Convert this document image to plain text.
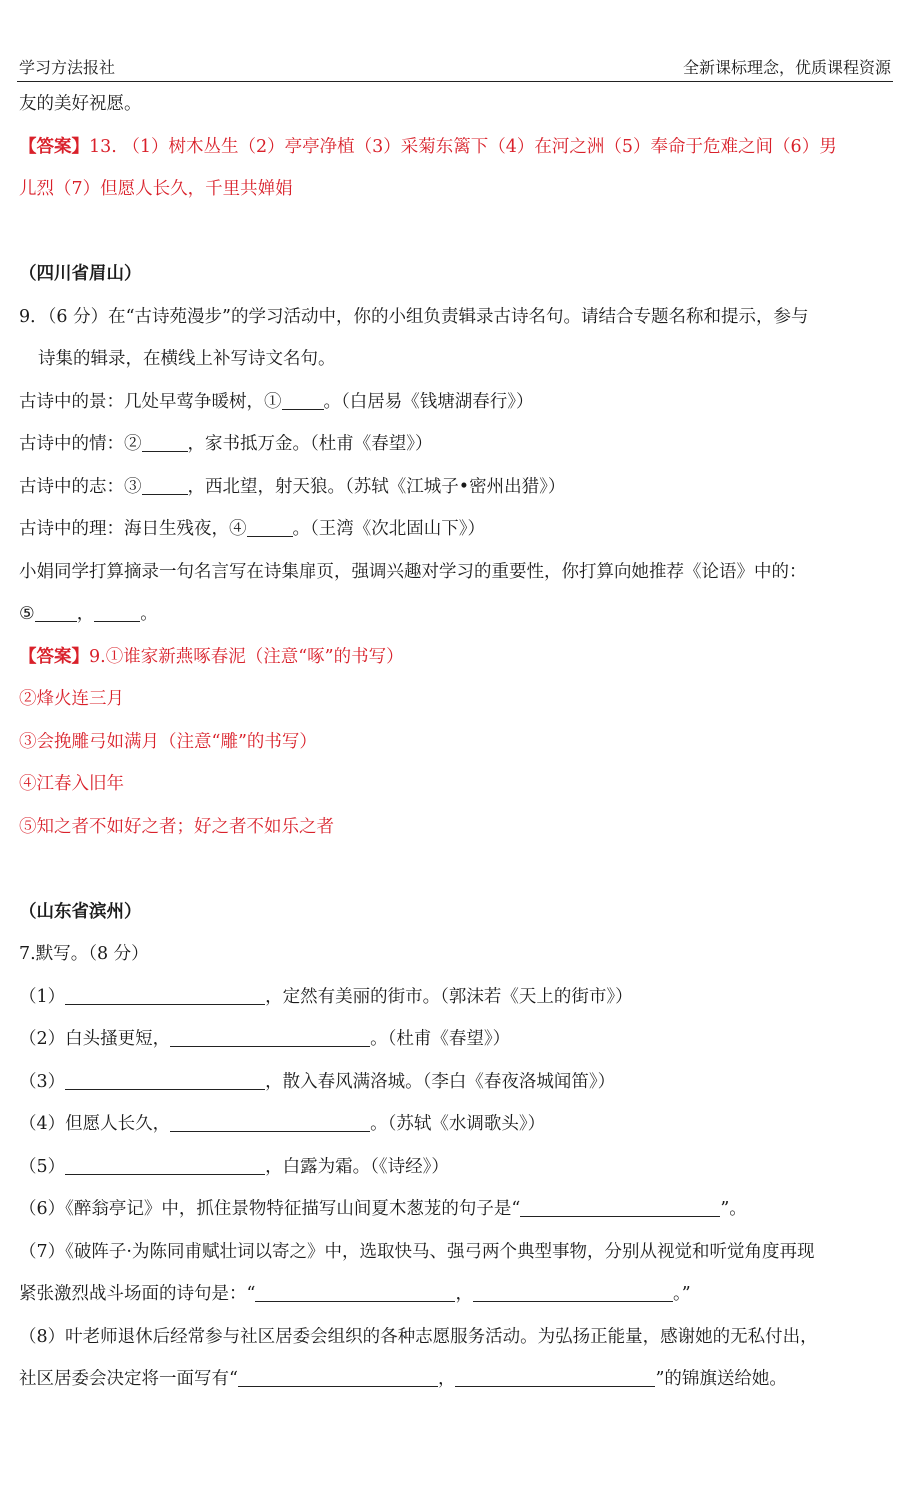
学习方法报社	全新课标理念，优质课程资源
友的美好祝愿。
【答案】13. （1）树木丛生（2）亭亭净植（3）采菊东篱下（4）在河之洲（5）奉命于危难之间（6）男
儿烈（7）但愿人长久，千里共婵娟
（四川省眉山）
9．（6 分）在“古诗苑漫步”的学习活动中，你的小组负责辑录古诗名句。请结合专题名称和提示，参与
诗集的辑录，在横线上补写诗文名句。
古诗中的景：几处早莺争暖树，① 。（白居易《钱塘湖春行》）
古诗中的情：②	，家书抵万金。（杜甫《春望》）
古诗中的志：③	，西北望，射天狼。（苏轼《江城子•密州出猎》）
古诗中的理：海日生残夜，④	。（王湾《次北固山下》）
小娟同学打算摘录一句名言写在诗集扉页，强调兴趣对学习的重要性，你打算向她推荐《论语》中的：
⑤ ，	。
【答案】9.①谁家新燕啄春泥（注意“啄”的书写）
②烽火连三月
③会挽雕弓如满月（注意“雕”的书写）
④江春入旧年
⑤知之者不如好之者；好之者不如乐之者
（山东省滨州）
7.默写。（8 分）
（1）	，定然有美丽的街市。（郭沫若《天上的街市》）
（2）白头搔更短，	。（杜甫《春望》）
（3）	，散入春风满洛城。（李白《春夜洛城闻笛》）
（4）但愿人长久，	。（苏轼《水调歌头》）
（5）	，白露为霜。（《诗经》）
（6）《醉翁亭记》中，抓住景物特征描写山间夏木葱茏的句子是“	”。
（7）《破阵子·为陈同甫赋壮词以寄之》中，选取快马、强弓两个典型事物，分别从视觉和听觉角度再现
紧张激烈战斗场面的诗句是：“	，	。”
（8）叶老师退休后经常参与社区居委会组织的各种志愿服务活动。为弘扬正能量，感谢她的无私付出，
社区居委会决定将一面写有“	，	”的锦旗送给她。
